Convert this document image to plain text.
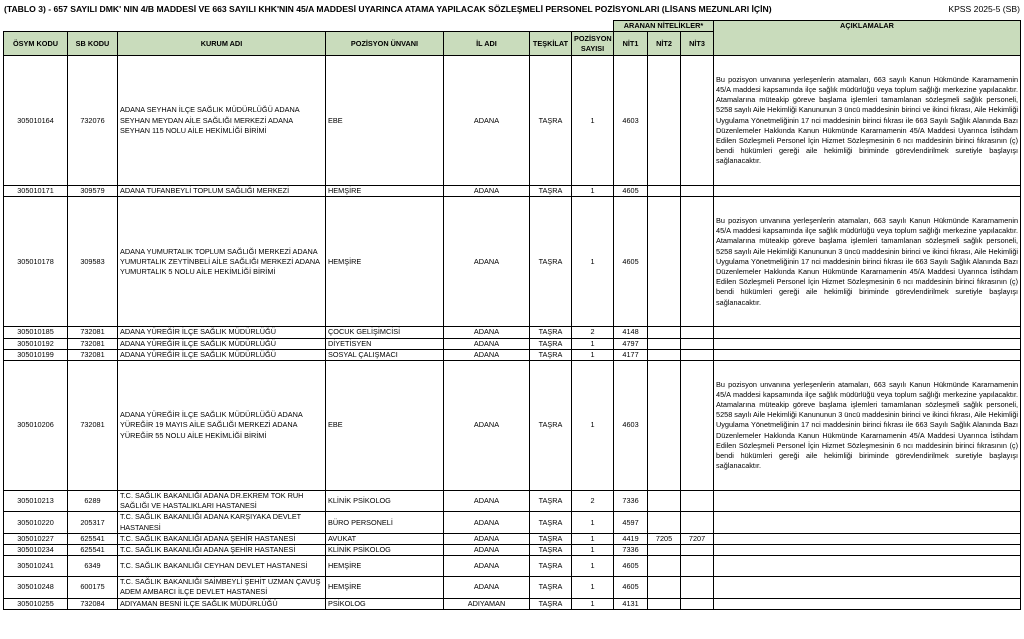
(TABLO 3) - 657 SAYILI DMK' NIN 4/B MADDESİ VE 663 SAYILI KHK'NIN 45/A MADDESİ UYARINCA ATAMA YAPILACAK SÖZLEŞMELİ PERSONEL POZİSYONLARI (LİSANS MEZUNLARI İÇİN)	KPSS 2025-5 (SB)
							ARANAN NİTELİKLER*			AÇIKLAMALAR
ÖSYM KODU	SB KODU	KURUM ADI	POZİSYON ÜNVANI	İL ADI	TEŞKİLAT	POZİSYON SAYISI	NİT1	NİT2	NİT3	
305010164	732076	ADANA SEYHAN İLÇE SAĞLIK MÜDÜRLÜĞÜ ADANA SEYHAN MEYDAN AİLE SAĞLIĞI MERKEZİ ADANA SEYHAN 115 NOLU AİLE HEKİMLİĞİ BİRİMİ	EBE	ADANA	TAŞRA	1	4603			Bu pozisyon unvanına yerleşenlerin atamaları, 663 sayılı Kanun Hükmünde Kararnamenin 45/A maddesi kapsamında ilçe sağlık müdürlüğü veya toplum sağlığı merkezine yapılacaktır. Atamalarına müteakip göreve başlama işlemleri tamamlanan sözleşmeli sağlık personeli, 5258 sayılı Aile Hekimliği Kanununun 3 üncü maddesinin birinci ve ikinci fıkrası, Aile Hekimliği Uygulama Yönetmeliğinin 17 nci maddesinin birinci fıkrası ile 663 Sayılı Sağlık Alanında Bazı Düzenlemeler Hakkında Kanun Hükmünde Kararnamenin 45/A Maddesi Uyarınca İstihdam Edilen Sözleşmeli Personel İçin Hizmet Sözleşmesinin 6 ncı maddesinin birinci fıkrasının (ç) bendi hükümleri gereği aile hekimliği biriminde görevlendirilmek suretiyle başlayışı sağlanacaktır.
305010171	309579	ADANA TUFANBEYLİ TOPLUM SAĞLIĞI MERKEZİ	HEMŞİRE	ADANA	TAŞRA	1	4605			
305010178	309583	ADANA YUMURTALIK TOPLUM SAĞLIĞI MERKEZİ ADANA YUMURTALIK ZEYTİNBELİ AİLE SAĞLIĞI MERKEZİ ADANA YUMURTALIK 5 NOLU AİLE HEKİMLİĞİ BİRİMİ	HEMŞİRE	ADANA	TAŞRA	1	4605			Bu pozisyon unvanına yerleşenlerin atamaları, 663 sayılı Kanun Hükmünde Kararnamenin 45/A maddesi kapsamında ilçe sağlık müdürlüğü veya toplum sağlığı merkezine yapılacaktır. Atamalarına müteakip göreve başlama işlemleri tamamlanan sözleşmeli sağlık personeli, 5258 sayılı Aile Hekimliği Kanununun 3 üncü maddesinin birinci ve ikinci fıkrası, Aile Hekimliği Uygulama Yönetmeliğinin 17 nci maddesinin birinci fıkrası ile 663 Sayılı Sağlık Alanında Bazı Düzenlemeler Hakkında Kanun Hükmünde Kararnamenin 45/A Maddesi Uyarınca İstihdam Edilen Sözleşmeli Personel İçin Hizmet Sözleşmesinin 6 ncı maddesinin birinci fıkrasının (ç) bendi hükümleri gereği aile hekimliği biriminde görevlendirilmek suretiyle başlayışı sağlanacaktır.
305010185	732081	ADANA YÜREĞİR İLÇE SAĞLIK MÜDÜRLÜĞÜ	ÇOCUK GELİŞİMCİSİ	ADANA	TAŞRA	2	4148			
305010192	732081	ADANA YÜREĞİR İLÇE SAĞLIK MÜDÜRLÜĞÜ	DİYETİSYEN	ADANA	TAŞRA	1	4797			
305010199	732081	ADANA YÜREĞİR İLÇE SAĞLIK MÜDÜRLÜĞÜ	SOSYAL ÇALIŞMACI	ADANA	TAŞRA	1	4177			
305010206	732081	ADANA YÜREĞİR İLÇE SAĞLIK MÜDÜRLÜĞÜ ADANA YÜREĞİR 19 MAYIS AİLE SAĞLIĞI MERKEZİ ADANA YÜREĞİR 55 NOLU AİLE HEKİMLİĞİ BİRİMİ	EBE	ADANA	TAŞRA	1	4603			Bu pozisyon unvanına yerleşenlerin atamaları, 663 sayılı Kanun Hükmünde Kararnamenin 45/A maddesi kapsamında ilçe sağlık müdürlüğü veya toplum sağlığı merkezine yapılacaktır. Atamalarına müteakip göreve başlama işlemleri tamamlanan sözleşmeli sağlık personeli, 5258 sayılı Aile Hekimliği Kanununun 3 üncü maddesinin birinci ve ikinci fıkrası, Aile Hekimliği Uygulama Yönetmeliğinin 17 nci maddesinin birinci fıkrası ile 663 Sayılı Sağlık Alanında Bazı Düzenlemeler Hakkında Kanun Hükmünde Kararnamenin 45/A Maddesi Uyarınca İstihdam Edilen Sözleşmeli Personel İçin Hizmet Sözleşmesinin 6 ncı maddesinin birinci fıkrasının (ç) bendi hükümleri gereği aile hekimliği biriminde görevlendirilmek suretiyle başlayışı sağlanacaktır.
305010213	6289	T.C. SAĞLIK BAKANLIĞI ADANA DR.EKREM TOK RUH SAĞLIĞI VE HASTALIKLARI HASTANESİ	KLİNİK PSİKOLOG	ADANA	TAŞRA	2	7336			
305010220	205317	T.C. SAĞLIK BAKANLIĞI ADANA KARŞIYAKA DEVLET HASTANESİ	BÜRO PERSONELİ	ADANA	TAŞRA	1	4597			
305010227	625541	T.C. SAĞLIK BAKANLIĞI ADANA ŞEHİR HASTANESİ	AVUKAT	ADANA	TAŞRA	1	4419	7205	7207	
305010234	625541	T.C. SAĞLIK BAKANLIĞI ADANA ŞEHİR HASTANESİ	KLİNİK PSİKOLOG	ADANA	TAŞRA	1	7336			
305010241	6349	T.C. SAĞLIK BAKANLIĞI CEYHAN DEVLET HASTANESİ	HEMŞİRE	ADANA	TAŞRA	1	4605			
305010248	600175	T.C. SAĞLIK BAKANLIĞI SAİMBEYLİ ŞEHİT UZMAN ÇAVUŞ ADEM AMBARCI İLÇE DEVLET HASTANESİ	HEMŞİRE	ADANA	TAŞRA	1	4605			
305010255	732084	ADIYAMAN BESNİ İLÇE SAĞLIK MÜDÜRLÜĞÜ	PSİKOLOG	ADIYAMAN	TAŞRA	1	4131			
